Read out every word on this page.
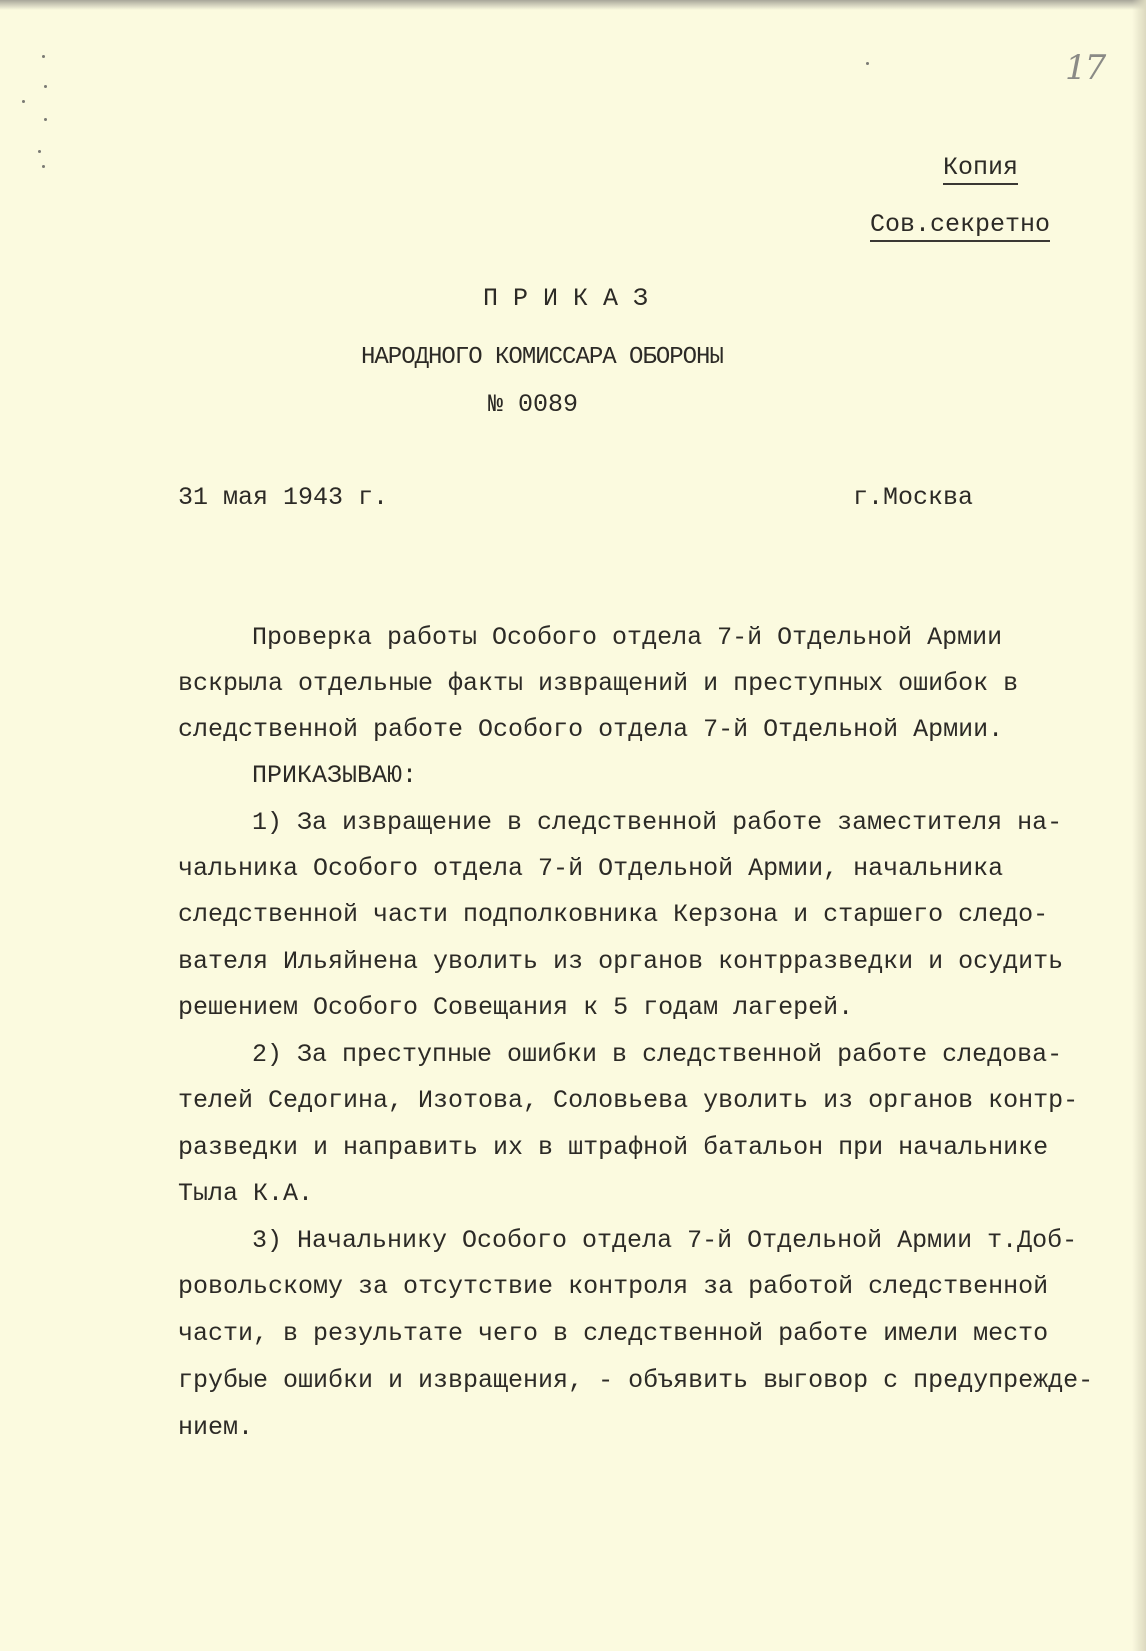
17

Копия

Сов.секретно

ПРИКАЗ
НАРОДНОГО КОМИССАРА ОБОРОНЫ
№ 0089
31 мая 1943 г.	г.Москва
Проверка работы Особого отдела 7-й Отдельной Армии
вскрыла отдельные факты извращений и преступных ошибок в
следственной работе Особого отдела 7-й Отдельной Армии.
ПРИКАЗЫВАЮ:
1) За извращение в следственной работе заместителя на-
чальника Особого отдела 7-й Отдельной Армии, начальника
следственной части подполковника Керзона и старшего следо-
вателя Ильяйнена уволить из органов контрразведки и осудить
решением Особого Совещания к 5 годам лагерей.
2) За преступные ошибки в следственной работе следова-
телей Седогина, Изотова, Соловьева уволить из органов контр-
разведки и направить их в штрафной батальон при начальнике
Тыла К.А.
3) Начальнику Особого отдела 7-й Отдельной Армии т.Доб-
ровольскому за отсутствие контроля за работой следственной
части, в результате чего в следственной работе имели место
грубые ошибки и извращения, - объявить выговор с предупрежде-
нием.
